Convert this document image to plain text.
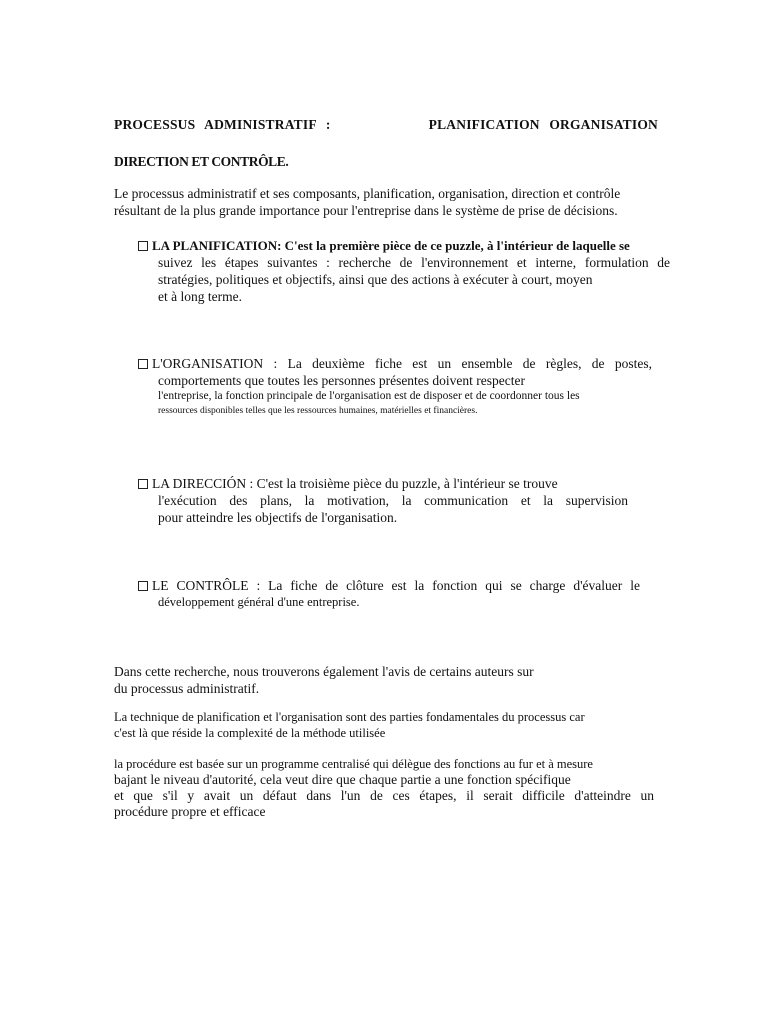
PROCESSUS ADMINISTRATIF :	PLANIFICATION ORGANISATION
DIRECTION ET CONTRÔLE.
Le processus administratif et ses composants, planification, organisation, direction et contrôle
résultant de la plus grande importance pour l'entreprise dans le système de prise de décisions.
LA PLANIFICATION: C'est la première pièce de ce puzzle, à l'intérieur de laquelle se
suivez les étapes suivantes : recherche de l'environnement et interne, formulation de
stratégies, politiques et objectifs, ainsi que des actions à exécuter à court, moyen
et à long terme.
L'ORGANISATION : La deuxième fiche est un ensemble de règles, de postes,
comportements que toutes les personnes présentes doivent respecter
l'entreprise, la fonction principale de l'organisation est de disposer et de coordonner tous les
ressources disponibles telles que les ressources humaines, matérielles et financières.
LA DIRECCIÓN : C'est la troisième pièce du puzzle, à l'intérieur se trouve
l'exécution des plans, la motivation, la communication et la supervision
pour atteindre les objectifs de l'organisation.
LE CONTRÔLE : La fiche de clôture est la fonction qui se charge d'évaluer le
développement général d'une entreprise.
Dans cette recherche, nous trouverons également l'avis de certains auteurs sur
du processus administratif.
La technique de planification et l'organisation sont des parties fondamentales du processus car
c'est là que réside la complexité de la méthode utilisée
la procédure est basée sur un programme centralisé qui délègue des fonctions au fur et à mesure
bajant le niveau d'autorité, cela veut dire que chaque partie a une fonction spécifique
et que s'il y avait un défaut dans l'un de ces étapes, il serait difficile d'atteindre un
procédure propre et efficace
